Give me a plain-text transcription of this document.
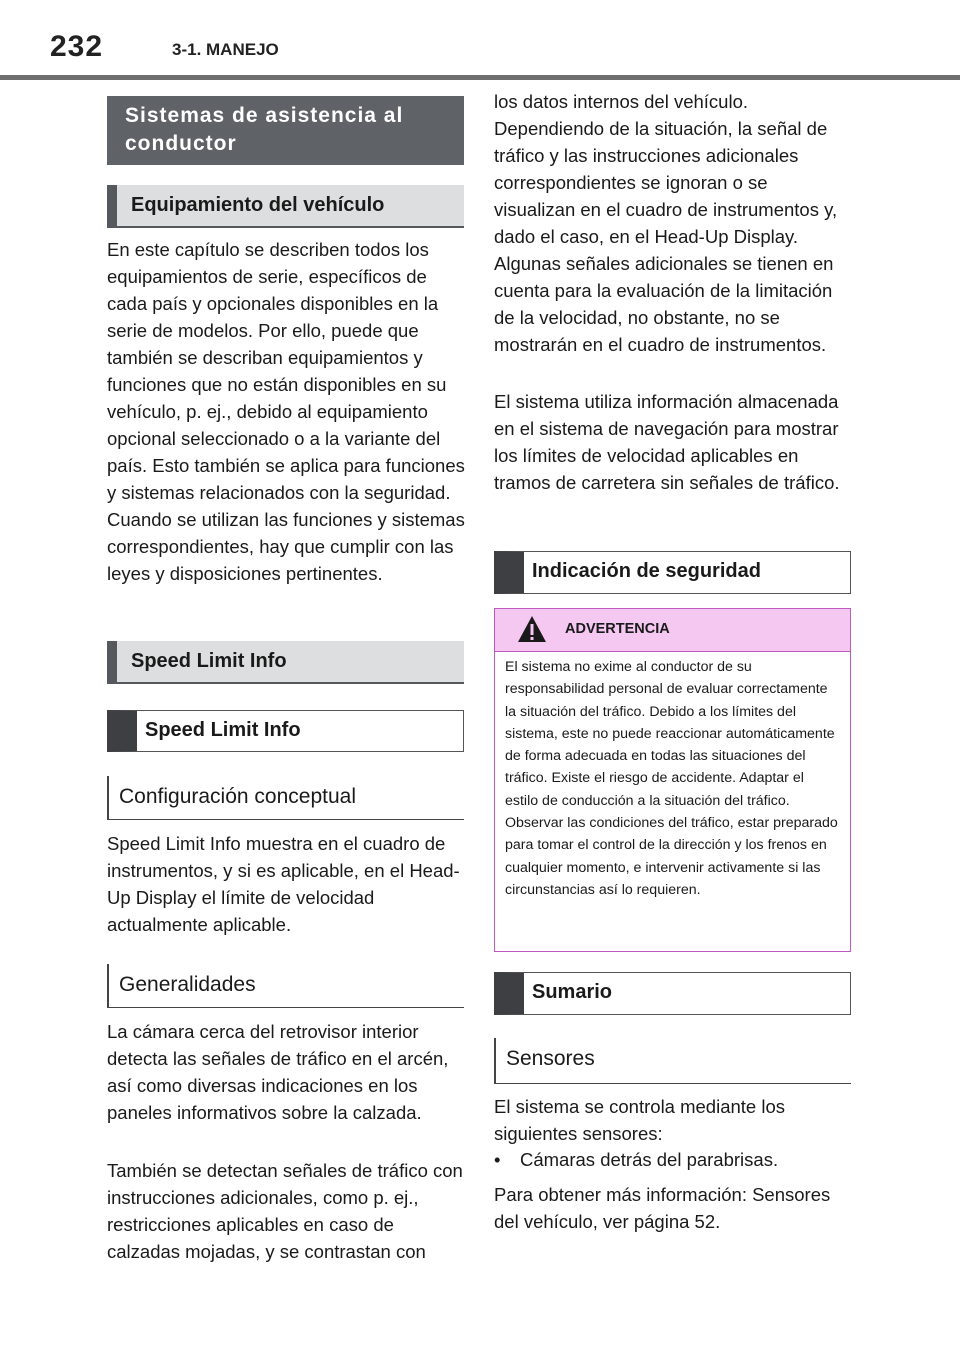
232	3-1. MANEJO
Sistemas de asistencia al conductor
Equipamiento del vehículo

En este capítulo se describen todos los equipamientos de serie, específicos de cada país y opcionales disponibles en la serie de modelos. Por ello, puede que también se describan equipamientos y funciones que no están disponibles en su vehículo, p. ej., debido al equipamiento opcional seleccionado o a la variante del país. Esto también se aplica para funciones y sistemas relacionados con la seguridad. Cuando se utilizan las funciones y sistemas correspondientes, hay que cumplir con las leyes y disposiciones pertinentes.

Speed Limit Info
Speed Limit Info
Configuración conceptual

Speed Limit Info muestra en el cuadro de instrumentos, y si es aplicable, en el Head-Up Display el límite de velocidad actualmente aplicable.

Generalidades

La cámara cerca del retrovisor interior detecta las señales de tráfico en el arcén, así como diversas indicaciones en los paneles informativos sobre la calzada.

También se detectan señales de tráfico con instrucciones adicionales, como p. ej., restricciones aplicables en caso de calzadas mojadas, y se contrastan con

los datos internos del vehículo. Dependiendo de la situación, la señal de tráfico y las instrucciones adicionales correspondientes se ignoran o se visualizan en el cuadro de instrumentos y, dado el caso, en el Head-Up Display. Algunas señales adicionales se tienen en cuenta para la evaluación de la limitación de la velocidad, no obstante, no se mostrarán en el cuadro de instrumentos.

El sistema utiliza información almacenada en el sistema de navegación para mostrar los límites de velocidad aplicables en tramos de carretera sin señales de tráfico.

Indicación de seguridad
ADVERTENCIA

El sistema no exime al conductor de su responsabilidad personal de evaluar correctamente la situación del tráfico. Debido a los límites del sistema, este no puede reaccionar automáticamente de forma adecuada en todas las situaciones del tráfico. Existe el riesgo de accidente. Adaptar el estilo de conducción a la situación del tráfico. Observar las condiciones del tráfico, estar preparado para tomar el control de la dirección y los frenos en cualquier momento, e intervenir activamente si las circunstancias así lo requieren.

Sumario
Sensores

El sistema se controla mediante los siguientes sensores:

• Cámaras detrás del parabrisas.

Para obtener más información: Sensores del vehículo, ver página 52.
